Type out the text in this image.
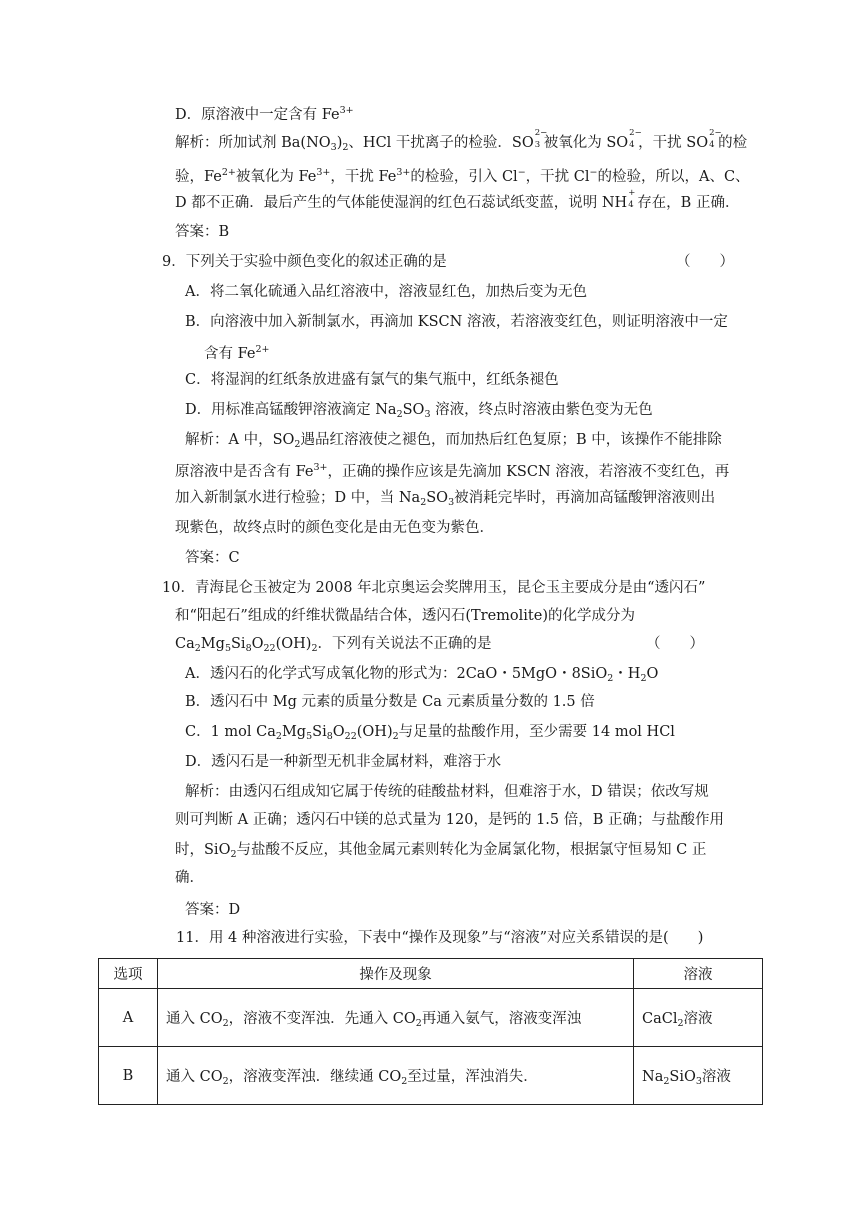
D．原溶液中一定含有 $Fe^{3+}$
解析：所加试剂 $Ba(NO_3)_2$、HCl 干扰离子的检验．SO
2−
3 被氧化为 SO
2−
4 ，干扰 SO
2−
4 的检
验，$Fe^{2+}$被氧化为 $Fe^{3+}$，干扰 $Fe^{3+}$的检验，引入 Cl−，干扰 Cl−的检验，所以，A、C、
D 都不正确．最后产生的气体能使湿润的红色石蕊试纸变蓝，说明 NH
+
4 存在，B 正确．
答案：B
9．下列关于实验中颜色变化的叙述正确的是	（　　）
A．将二氧化硫通入品红溶液中，溶液显红色，加热后变为无色
B．向溶液中加入新制氯水，再滴加 KSCN 溶液，若溶液变红色，则证明溶液中一定
含有 $Fe^{2+}$
C．将湿润的红纸条放进盛有氯气的集气瓶中，红纸条褪色
D．用标准高锰酸钾溶液滴定 $Na_2SO_3$ 溶液，终点时溶液由紫色变为无色
解析：A 中，$SO_2$遇品红溶液使之褪色，而加热后红色复原；B 中，该操作不能排除
原溶液中是否含有 $Fe^{3+}$，正确的操作应该是先滴加 KSCN 溶液，若溶液不变红色，再
加入新制氯水进行检验；D 中，当 $Na_2SO_3$被消耗完毕时，再滴加高锰酸钾溶液则出
现紫色，故终点时的颜色变化是由无色变为紫色．
答案：C
10．青海昆仑玉被定为 2008 年北京奥运会奖牌用玉，昆仑玉主要成分是由“透闪石”
和“阳起石”组成的纤维状微晶结合体，透闪石(Tremolite)的化学成分为
$Ca_2Mg_5Si_8O_{22}(OH)_2$．下列有关说法不正确的是	（　　）
A．透闪石的化学式写成氧化物的形式为：2CaO・5MgO・8SiO$_2$・$H_2O$
B．透闪石中 Mg 元素的质量分数是 Ca 元素质量分数的 1.5 倍
C．1 mol $Ca_2Mg_5Si_8O_{22}(OH)_2$与足量的盐酸作用，至少需要 14 mol HCl
D．透闪石是一种新型无机非金属材料，难溶于水
解析：由透闪石组成知它属于传统的硅酸盐材料，但难溶于水，D 错误；依改写规
则可判断 A 正确；透闪石中镁的总式量为 120，是钙的 1.5 倍，B 正确；与盐酸作用
时，SiO$_2$与盐酸不反应，其他金属元素则转化为金属氯化物，根据氯守恒易知 C 正
确．
答案：D
11．用 4 种溶液进行实验，下表中“操作及现象”与“溶液”对应关系错误的是(　　)
选项	操作及现象	溶液
A	通入 $CO_2$，溶液不变浑浊．先通入 $CO_2$再通入氨气，溶液变浑浊	CaCl$_2$溶液
B	通入 $CO_2$，溶液变浑浊．继续通 $CO_2$至过量，浑浊消失．	$Na_2SiO_3$溶液
